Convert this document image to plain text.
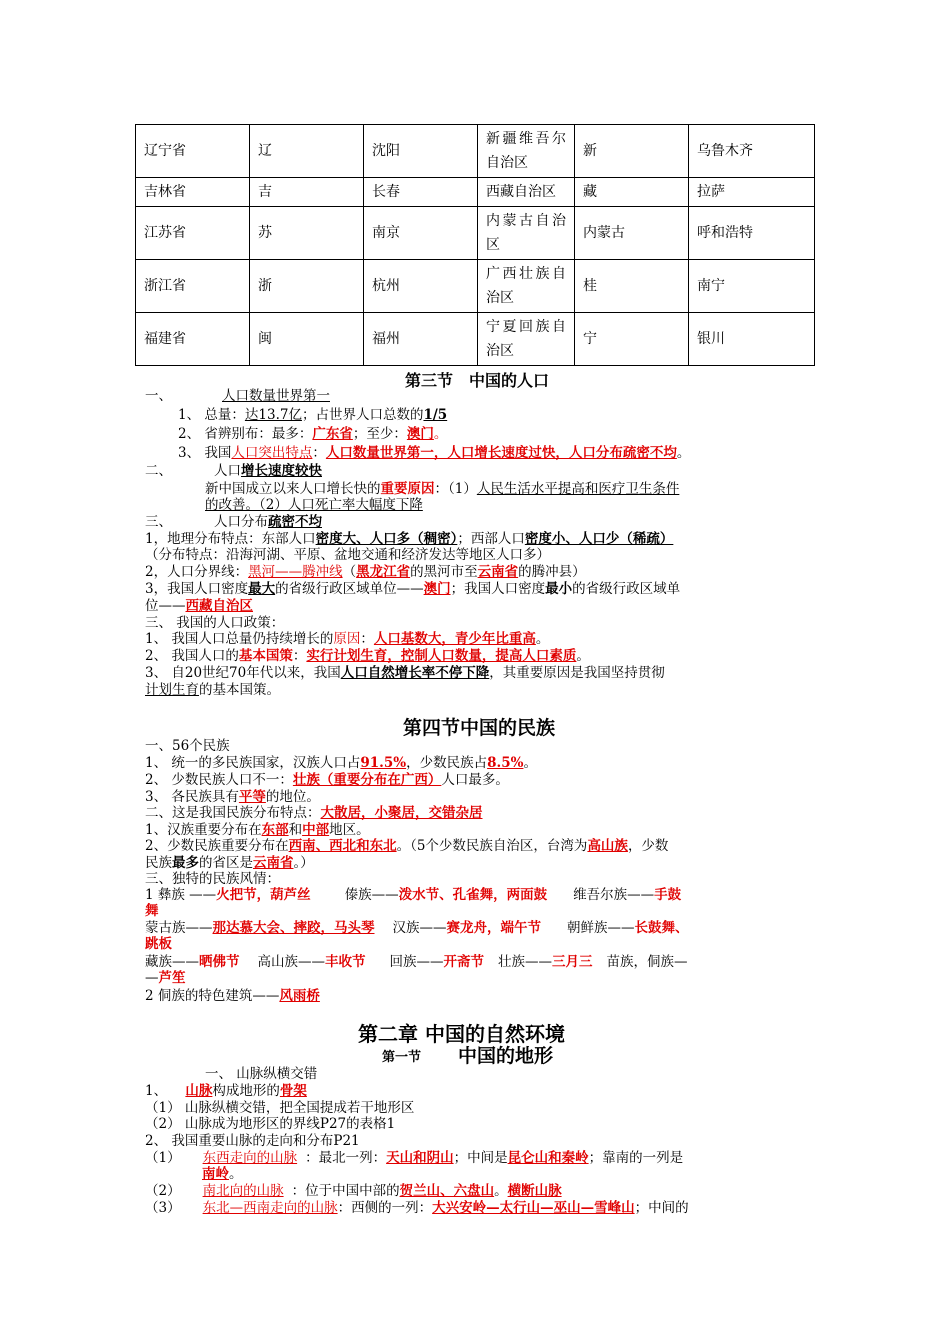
辽宁省	辽	沈阳	新疆维吾尔自治区	新	乌鲁木齐
吉林省	吉	长春	西藏自治区	藏	拉萨
江苏省	苏	南京	内蒙古自治区	内蒙古	呼和浩特
浙江省	浙	杭州	广西壮族自治区	桂	南宁
福建省	闽	福州	宁夏回族自治区	宁	银川
第三节　中国的人口
一、	人口数量世界第一
1、 总量：达13.7亿；占世界人口总数的1/5
2、 省辨别布：最多：广东省；至少：澳门。
3、 我国人口突出特点：人口数量世界第一，人口增长速度过快，人口分布疏密不均。
二、	人口增长速度较快
新中国成立以来人口增长快的重要原因：（1）人民生活水平提高和医疗卫生条件
的改善。（2）人口死亡率大幅度下降
三、	人口分布疏密不均
1，地理分布特点：东部人口密度大、人口多（稠密）；西部人口密度小、人口少（稀疏）
（分布特点：沿海河湖、平原、盆地交通和经济发达等地区人口多）
2，人口分界线：黑河——腾冲线（黑龙江省的黑河市至云南省的腾冲县）
3，我国人口密度最大的省级行政区域单位——澳门；我国人口密度最小的省级行政区域单
位——西藏自治区
三、 我国的人口政策：
1、 我国人口总量仍持续增长的原因：人口基数大，青少年比重高。
2、 我国人口的基本国策：实行计划生育，控制人口数量，提高人口素质。
3、 自20世纪70年代以来，我国人口自然增长率不停下降，其重要原因是我国坚持贯彻
计划生育的基本国策。
第四节中国的民族
一、56个民族
1、 统一的多民族国家，汉族人口占91.5%，少数民族占8.5%。
2、 少数民族人口不一：壮族（重要分布在广西）人口最多。
3、 各民族具有平等的地位。
二、这是我国民族分布特点：大散居，小聚居，交错杂居
1、汉族重要分布在东部和中部地区。
2、少数民族重要分布在西南、西北和东北。（5个少数民族自治区，台湾为高山族，少数
民族最多的省区是云南省。）
三、独特的民族风情：
1 彝族 ——火把节，葫芦丝	傣族——泼水节、孔雀舞，两面鼓 维吾尔族——手鼓
舞
蒙古族——那达慕大会、摔跤，马头琴 汉族——赛龙舟，端午节 朝鲜族——长鼓舞、
跳板
藏族——晒佛节 高山族——丰收节 回族——开斋节 壮族——三月三 苗族，侗族—
—芦笙
2 侗族的特色建筑——风雨桥
第二章 中国的自然环境
第一节 中国的地形
一、 山脉纵横交错
1、 山脉构成地形的骨架
（1） 山脉纵横交错，把全国提成若干地形区
（2） 山脉成为地形区的界线P27的表格1
2、 我国重要山脉的走向和分布P21
（1） 东西走向的山脉 ：最北一列：天山和阴山；中间是昆仑山和秦岭；靠南的一列是
南岭。
（2） 南北向的山脉 ：位于中国中部的贺兰山、六盘山。横断山脉
（3） 东北—西南走向的山脉：西侧的一列：大兴安岭—太行山—巫山—雪峰山；中间的
